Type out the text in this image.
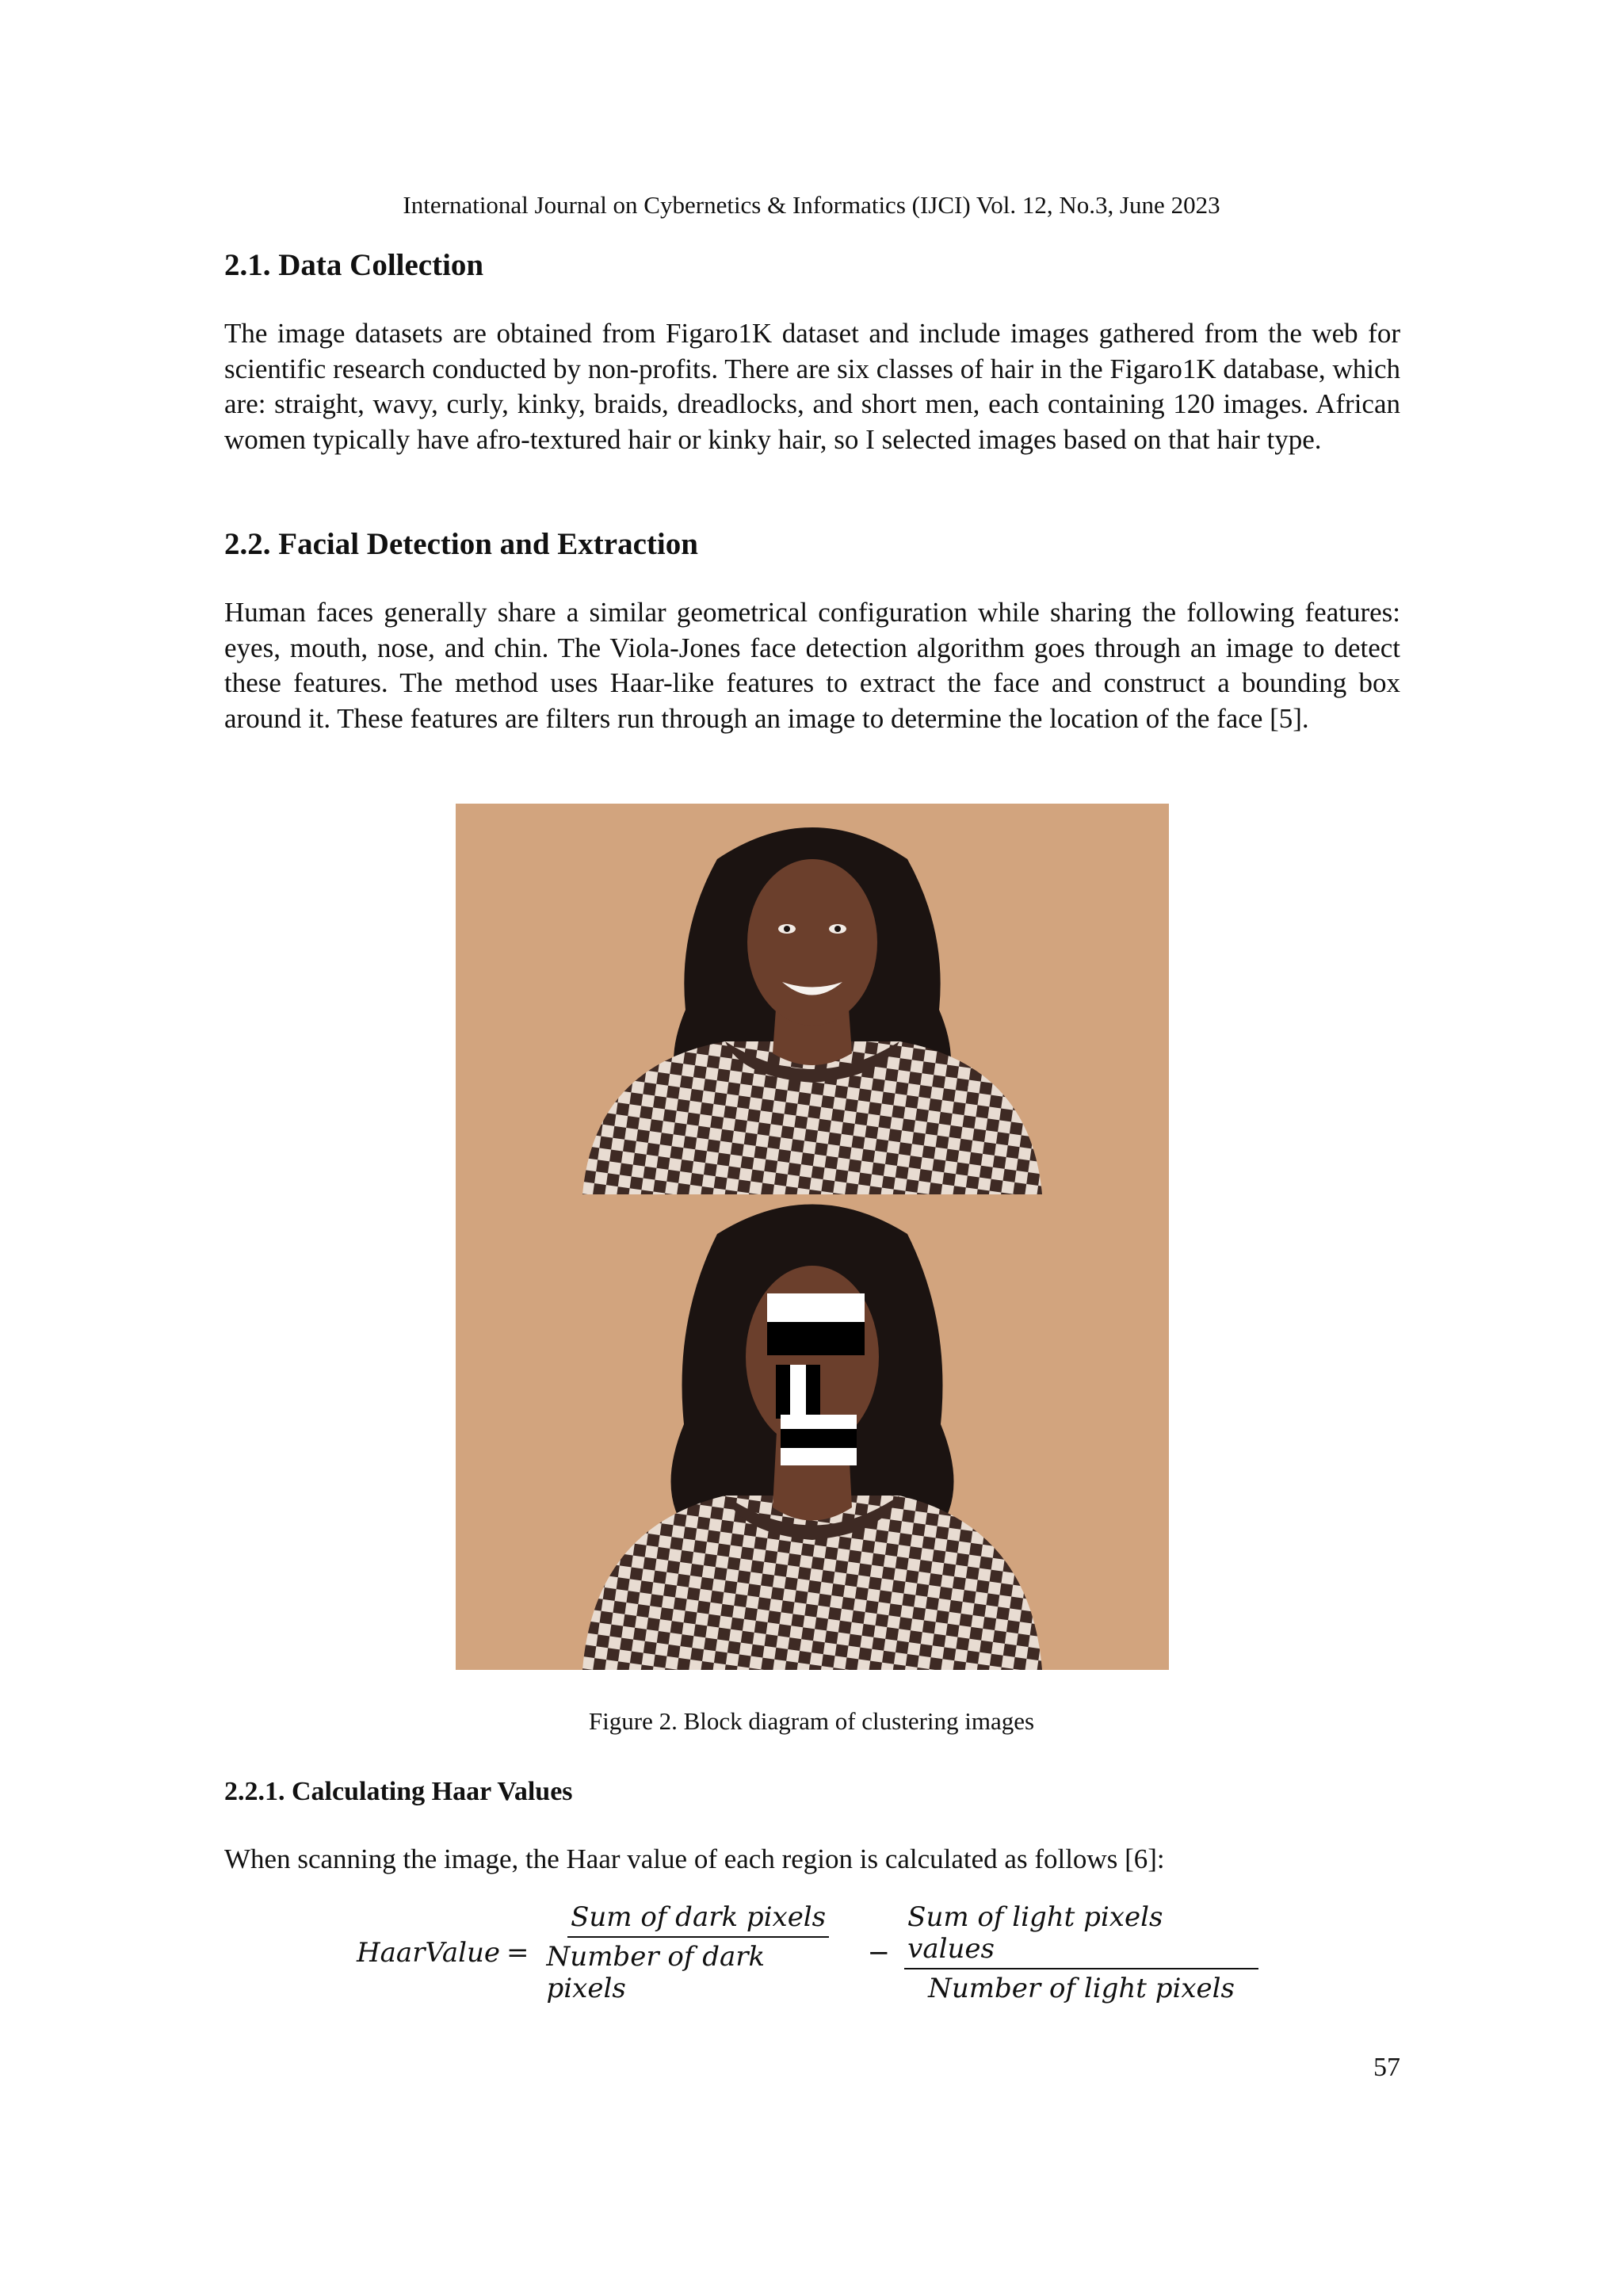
International Journal on Cybernetics & Informatics (IJCI) Vol. 12, No.3, June 2023
2.1. Data Collection

The image datasets are obtained from Figaro1K dataset and include images gathered from the web for scientific research conducted by non-profits. There are six classes of hair in the Figaro1K database, which are: straight, wavy, curly, kinky, braids, dreadlocks, and short men, each containing 120 images. African women typically have afro-textured hair or kinky hair, so I selected images based on that hair type.

2.2. Facial Detection and Extraction

Human faces generally share a similar geometrical configuration while sharing the following features: eyes, mouth, nose, and chin. The Viola-Jones face detection algorithm goes through an image to detect these features. The method uses Haar-like features to extract the face and construct a bounding box around it. These features are filters run through an image to determine the location of the face [5].

Figure 2. Block diagram of clustering images
2.2.1. Calculating Haar Values

When scanning the image, the Haar value of each region is calculated as follows [6]:

HaarValue = $\frac{\text{Sum of dark pixels}}{\text{Number of dark pixels}} - \frac{\text{Sum of light pixels values}}{\text{Number of light pixels}}$
57
